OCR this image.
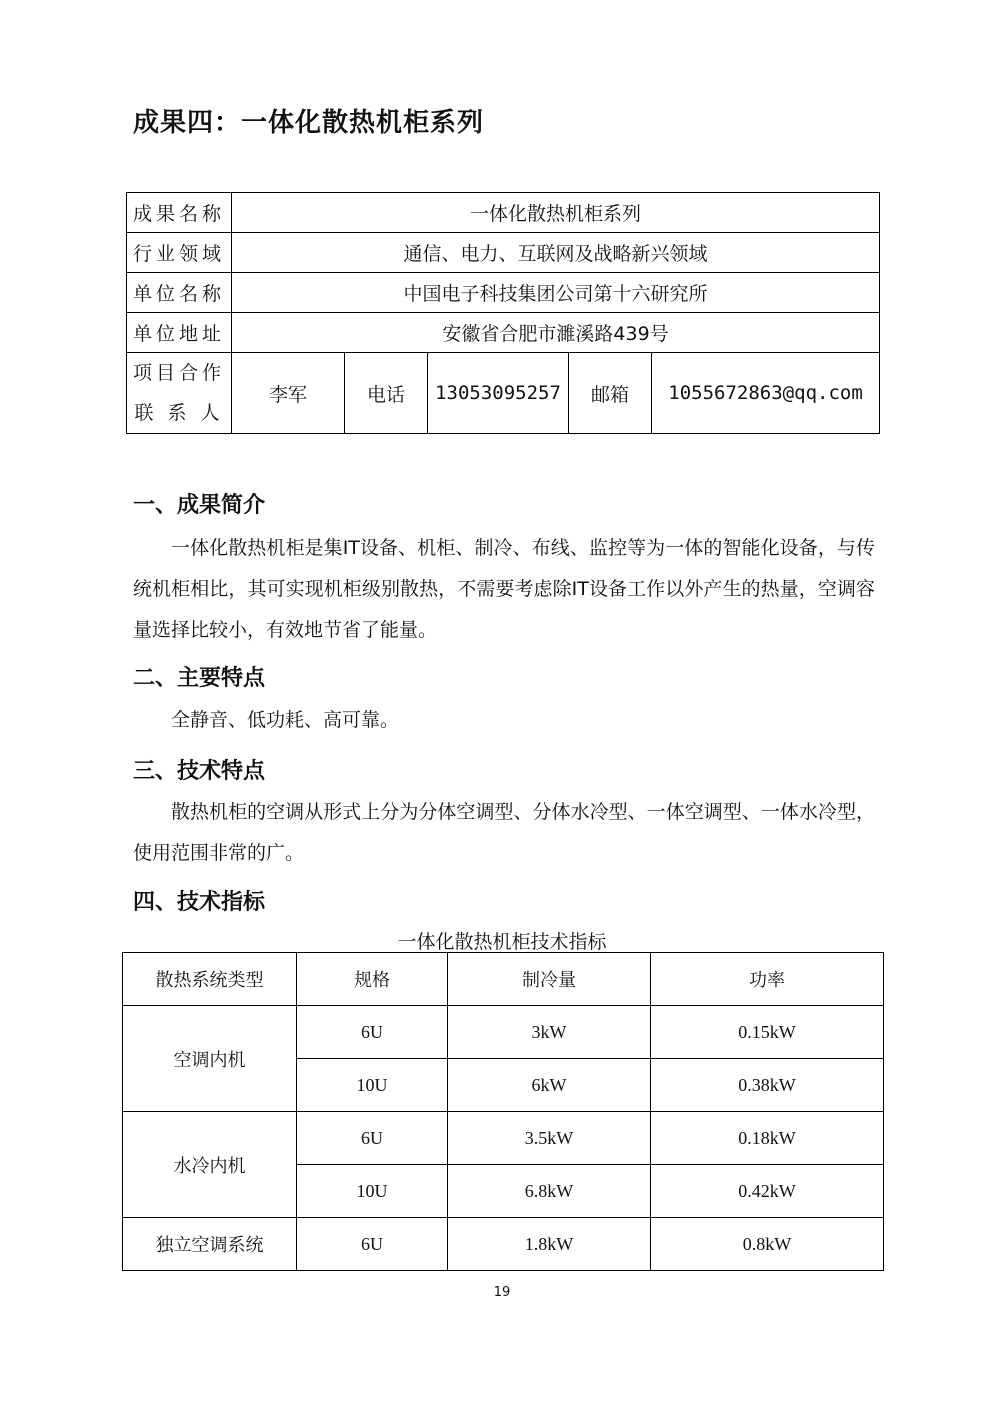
成果四：一体化散热机柜系列
成果名称	一体化散热机柜系列				
行业领域	通信、电力、互联网及战略新兴领域				
单位名称	中国电子科技集团公司第十六研究所				
单位地址	安徽省合肥市濉溪路439号				

项目合作
联 系 人	李军	电话	13053095257	邮箱	1055672863@qq.com
一、成果简介
一体化散热机柜是集IT设备、机柜、制冷、布线、监控等为一体的智能化设备，与传统机柜相比，其可实现机柜级别散热，不需要考虑除IT设备工作以外产生的热量，空调容量选择比较小，有效地节省了能量。
二、主要特点
全静音、低功耗、高可靠。
三、技术特点
散热机柜的空调从形式上分为分体空调型、分体水冷型、一体空调型、一体水冷型，使用范围非常的广。
四、技术指标
一体化散热机柜技术指标
散热系统类型	规格	制冷量	功率
空调内机	6U	3kW	0.15kW
	10U	6kW	0.38kW
水冷内机	6U	3.5kW	0.18kW
	10U	6.8kW	0.42kW
独立空调系统	6U	1.8kW	0.8kW
19
